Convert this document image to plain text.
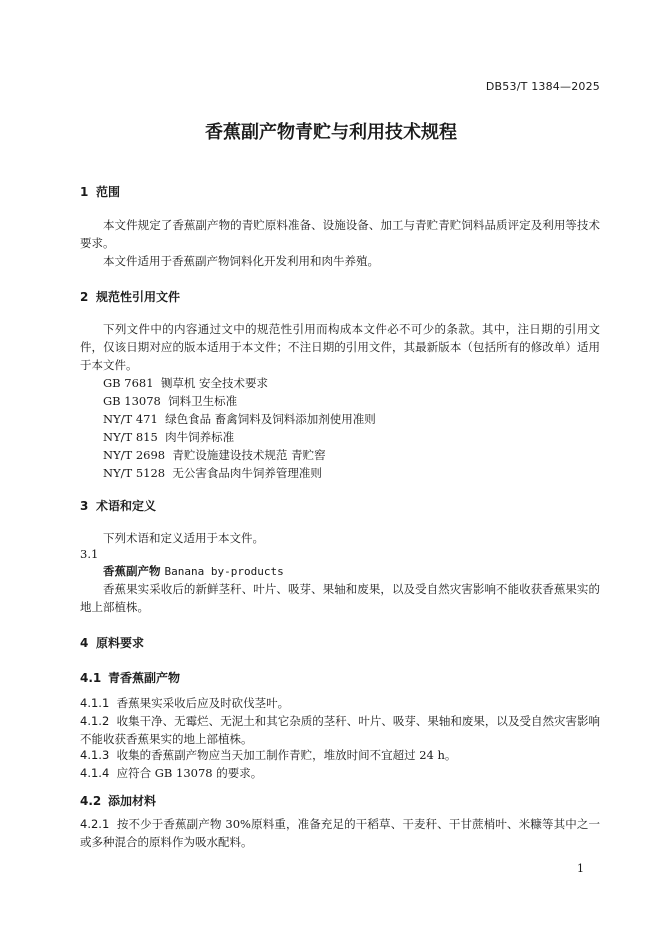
DB53/T 1384—2025
香蕉副产物青贮与利用技术规程
1 范围
本文件规定了香蕉副产物的青贮原料准备、设施设备、加工与青贮青贮饲料品质评定及利用等技术要求。
本文件适用于香蕉副产物饲料化开发利用和肉牛养殖。
2 规范性引用文件
下列文件中的内容通过文中的规范性引用而构成本文件必不可少的条款。其中，注日期的引用文件，仅该日期对应的版本适用于本文件；不注日期的引用文件，其最新版本（包括所有的修改单）适用于本文件。
GB 7681  铡草机 安全技术要求
GB 13078  饲料卫生标准
NY/T 471  绿色食品 畜禽饲料及饲料添加剂使用准则
NY/T 815  肉牛饲养标准
NY/T 2698  青贮设施建设技术规范 青贮窖
NY/T 5128  无公害食品肉牛饲养管理准则
3 术语和定义
下列术语和定义适用于本文件。
3.1
香蕉副产物 Banana by-products
香蕉果实采收后的新鲜茎秆、叶片、吸芽、果轴和废果，以及受自然灾害影响不能收获香蕉果实的地上部植株。
4 原料要求
4.1 青香蕉副产物
4.1.1 香蕉果实采收后应及时砍伐茎叶。
4.1.2 收集干净、无霉烂、无泥土和其它杂质的茎秆、叶片、吸芽、果轴和废果，以及受自然灾害影响不能收获香蕉果实的地上部植株。
4.1.3 收集的香蕉副产物应当天加工制作青贮，堆放时间不宜超过 24 h。
4.1.4 应符合 GB 13078 的要求。
4.2 添加材料
4.2.1 按不少于香蕉副产物 30%原料重，准备充足的干稻草、干麦秆、干甘蔗梢叶、米糠等其中之一或多种混合的原料作为吸水配料。
1
